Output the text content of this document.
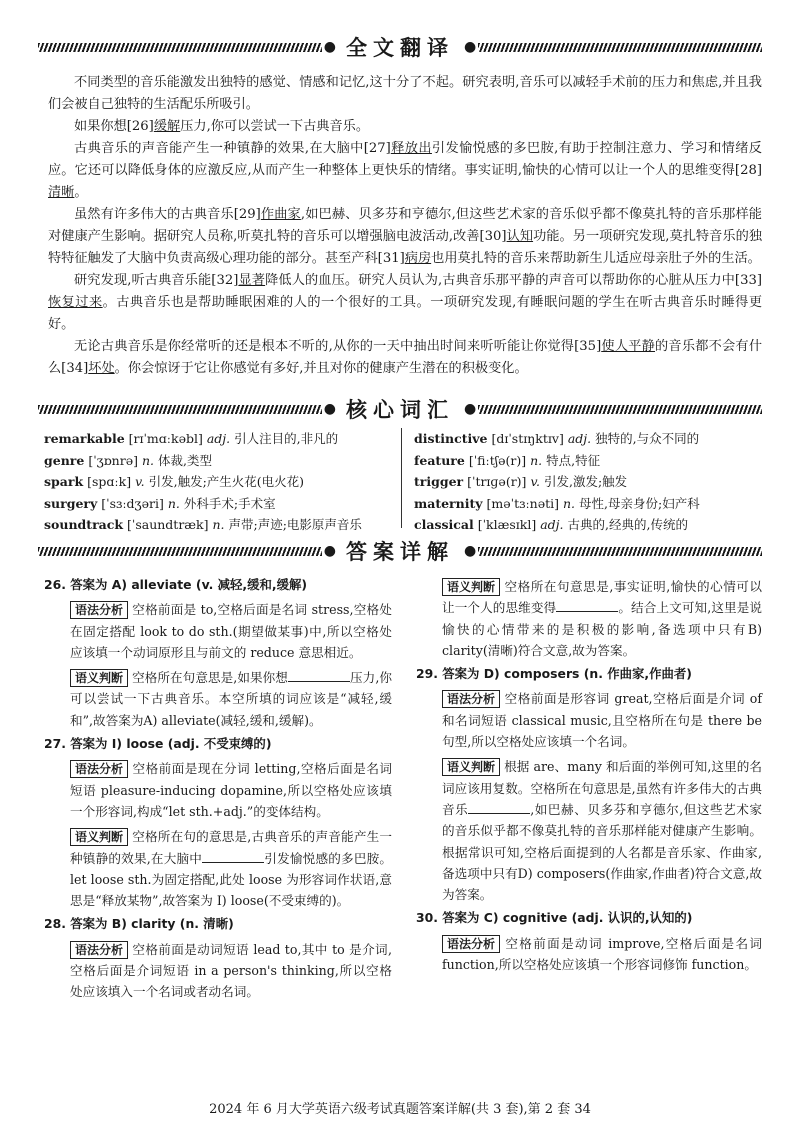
● 全文翻译 ●

不同类型的音乐能激发出独特的感觉、情感和记忆,这十分了不起。研究表明,音乐可以减轻手术前的压力和焦虑,并且我们会被自己独特的生活配乐所吸引。

如果你想[26]缓解压力,你可以尝试一下古典音乐。

古典音乐的声音能产生一种镇静的效果,在大脑中[27]释放出引发愉悦感的多巴胺,有助于控制注意力、学习和情绪反应。它还可以降低身体的应激反应,从而产生一种整体上更快乐的情绪。事实证明,愉快的心情可以让一个人的思维变得[28]清晰。

虽然有许多伟大的古典音乐[29]作曲家,如巴赫、贝多芬和亨德尔,但这些艺术家的音乐似乎都不像莫扎特的音乐那样能对健康产生影响。据研究人员称,听莫扎特的音乐可以增强脑电波活动,改善[30]认知功能。另一项研究发现,莫扎特音乐的独特特征触发了大脑中负责高级心理功能的部分。甚至产科[31]病房也用莫扎特的音乐来帮助新生儿适应母亲肚子外的生活。

研究发现,听古典音乐能[32]显著降低人的血压。研究人员认为,古典音乐那平静的声音可以帮助你的心脏从压力中[33]恢复过来。古典音乐也是帮助睡眠困难的人的一个很好的工具。一项研究发现,有睡眠问题的学生在听古典音乐时睡得更好。

无论古典音乐是你经常听的还是根本不听的,从你的一天中抽出时间来听听能让你觉得[35]使人平静的音乐都不会有什么[34]坏处。你会惊讶于它让你感觉有多好,并且对你的健康产生潜在的积极变化。

● 核心词汇 ●
remarkable [rɪˈmɑːkəbl] adj. 引人注目的,非凡的
genre [ˈʒɒnrə] n. 体裁,类型
spark [spɑːk] v. 引发,触发;产生火花(电火花)
surgery [ˈsɜːdʒəri] n. 外科手术;手术室
soundtrack [ˈsaundtræk] n. 声带;声迹;电影原声音乐
distinctive [dɪˈstɪŋktɪv] adj. 独特的,与众不同的
feature [ˈfiːtʃə(r)] n. 特点,特征
trigger [ˈtrɪɡə(r)] v. 引发,激发;触发
maternity [məˈtɜːnəti] n. 母性,母亲身份;妇产科
classical [ˈklæsɪkl] adj. 古典的,经典的,传统的
● 答案详解 ●
26. 答案为 A) alleviate (v. 减轻,缓和,缓解)
语法分析 空格前面是 to,空格后面是名词 stress,空格处在固定搭配 look to do sth.(期望做某事)中,所以空格处应该填一个动词原形且与前文的 reduce 意思相近。
语义判断 空格所在句意思是,如果你想	压力,你可以尝试一下古典音乐。本空所填的词应该是“减轻,缓和”,故答案为A) alleviate(减轻,缓和,缓解)。
27. 答案为 I) loose (adj. 不受束缚的)
语法分析 空格前面是现在分词 letting,空格后面是名词短语 pleasure-inducing dopamine,所以空格处应该填一个形容词,构成“let sth.+adj.”的变体结构。
语义判断 空格所在句的意思是,古典音乐的声音能产生一种镇静的效果,在大脑中	引发愉悦感的多巴胺。let loose sth.为固定搭配,此处 loose 为形容词作状语,意思是“释放某物”,故答案为 I) loose(不受束缚的)。
28. 答案为 B) clarity (n. 清晰)
语法分析 空格前面是动词短语 lead to,其中 to 是介词,空格后面是介词短语 in a person's thinking,所以空格处应该填入一个名词或者动名词。
语义判断 空格所在句意思是,事实证明,愉快的心情可以让一个人的思维变得	。结合上文可知,这里是说愉快的心情带来的是积极的影响,备选项中只有B) clarity(清晰)符合文意,故为答案。
29. 答案为 D) composers (n. 作曲家,作曲者)
语法分析 空格前面是形容词 great,空格后面是介词 of 和名词短语 classical music,且空格所在句是 there be 句型,所以空格处应该填一个名词。
语义判断 根据 are、many 和后面的举例可知,这里的名词应该用复数。空格所在句意思是,虽然有许多伟大的古典音乐	,如巴赫、贝多芬和亨德尔,但这些艺术家的音乐似乎都不像莫扎特的音乐那样能对健康产生影响。根据常识可知,空格后面提到的人名都是音乐家、作曲家,备选项中只有D) composers(作曲家,作曲者)符合文意,故为答案。
30. 答案为 C) cognitive (adj. 认识的,认知的)
语法分析 空格前面是动词 improve,空格后面是名词 function,所以空格处应该填一个形容词修饰 function。
2024 年 6 月大学英语六级考试真题答案详解(共 3 套),第 2 套 34
